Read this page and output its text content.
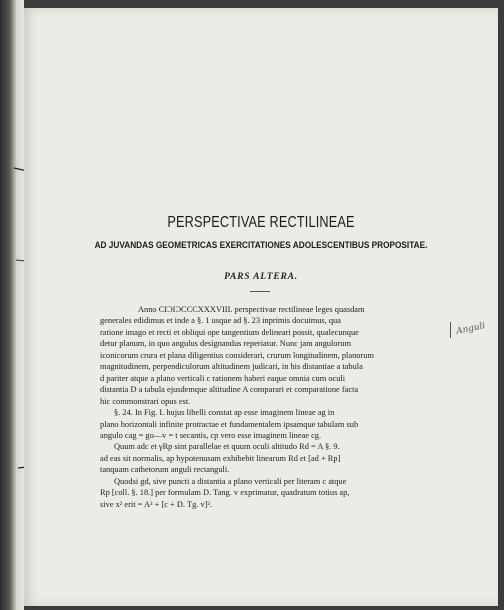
PERSPECTIVAE RECTILINEAE
AD JUVANDAS GEOMETRICAS EXERCITATIONES ADOLESCENTIBUS PROPOSITAE.
PARS ALTERA.
Anno CIƆIƆCCCXXXVIII. perspectivae rectilineae leges quasdam
generales edidimus et inde a §. 1 usque ad §. 23 inprimis docuimus, qua
ratione imago et recti et obliqui ope tangentium delineari possit, qualecunque
detur planum, in quo angulus designandus reperiatur. Nunc jam angulorum
iconicorum crura et plana diligentius considerari, crurum longitudinem, planorum
magnitudinem, perpendiculorum altitudinem judicari, in his distantiae a tabula
d pariter atque a plano verticali c rationem haberi eaque omnia cum oculi
distantia D a tabula ejusdemque altitudine A comparari et comparatione facta
hic commonstrari opus est.
§. 24. In Fig. I. hujus libelli constat ap esse imaginem lineae ag in
plano horizontali infinite protractae et fundamentalem ipsamque tabulam sub
angulo cag = go—v = t secantis, cp vero esse imaginem lineae cg.
Quum adc et γRp sint parallelae et quum oculi altitudo Rd = A §. 9.
ad eas sit normalis, ap hypotenusam exhibebit linearum Rd et [ad + Rp]
tanquam cathetorum anguli rectanguli.
Quodsi gd, sive puncti a distantia a plano verticali per literam c atque
Rp [coll. §. 18.] per formulam D. Tang. v exprimatur, quadratum totius ap,
sive x² erit = A² + [c + D. Tg. v]².
Anguli
